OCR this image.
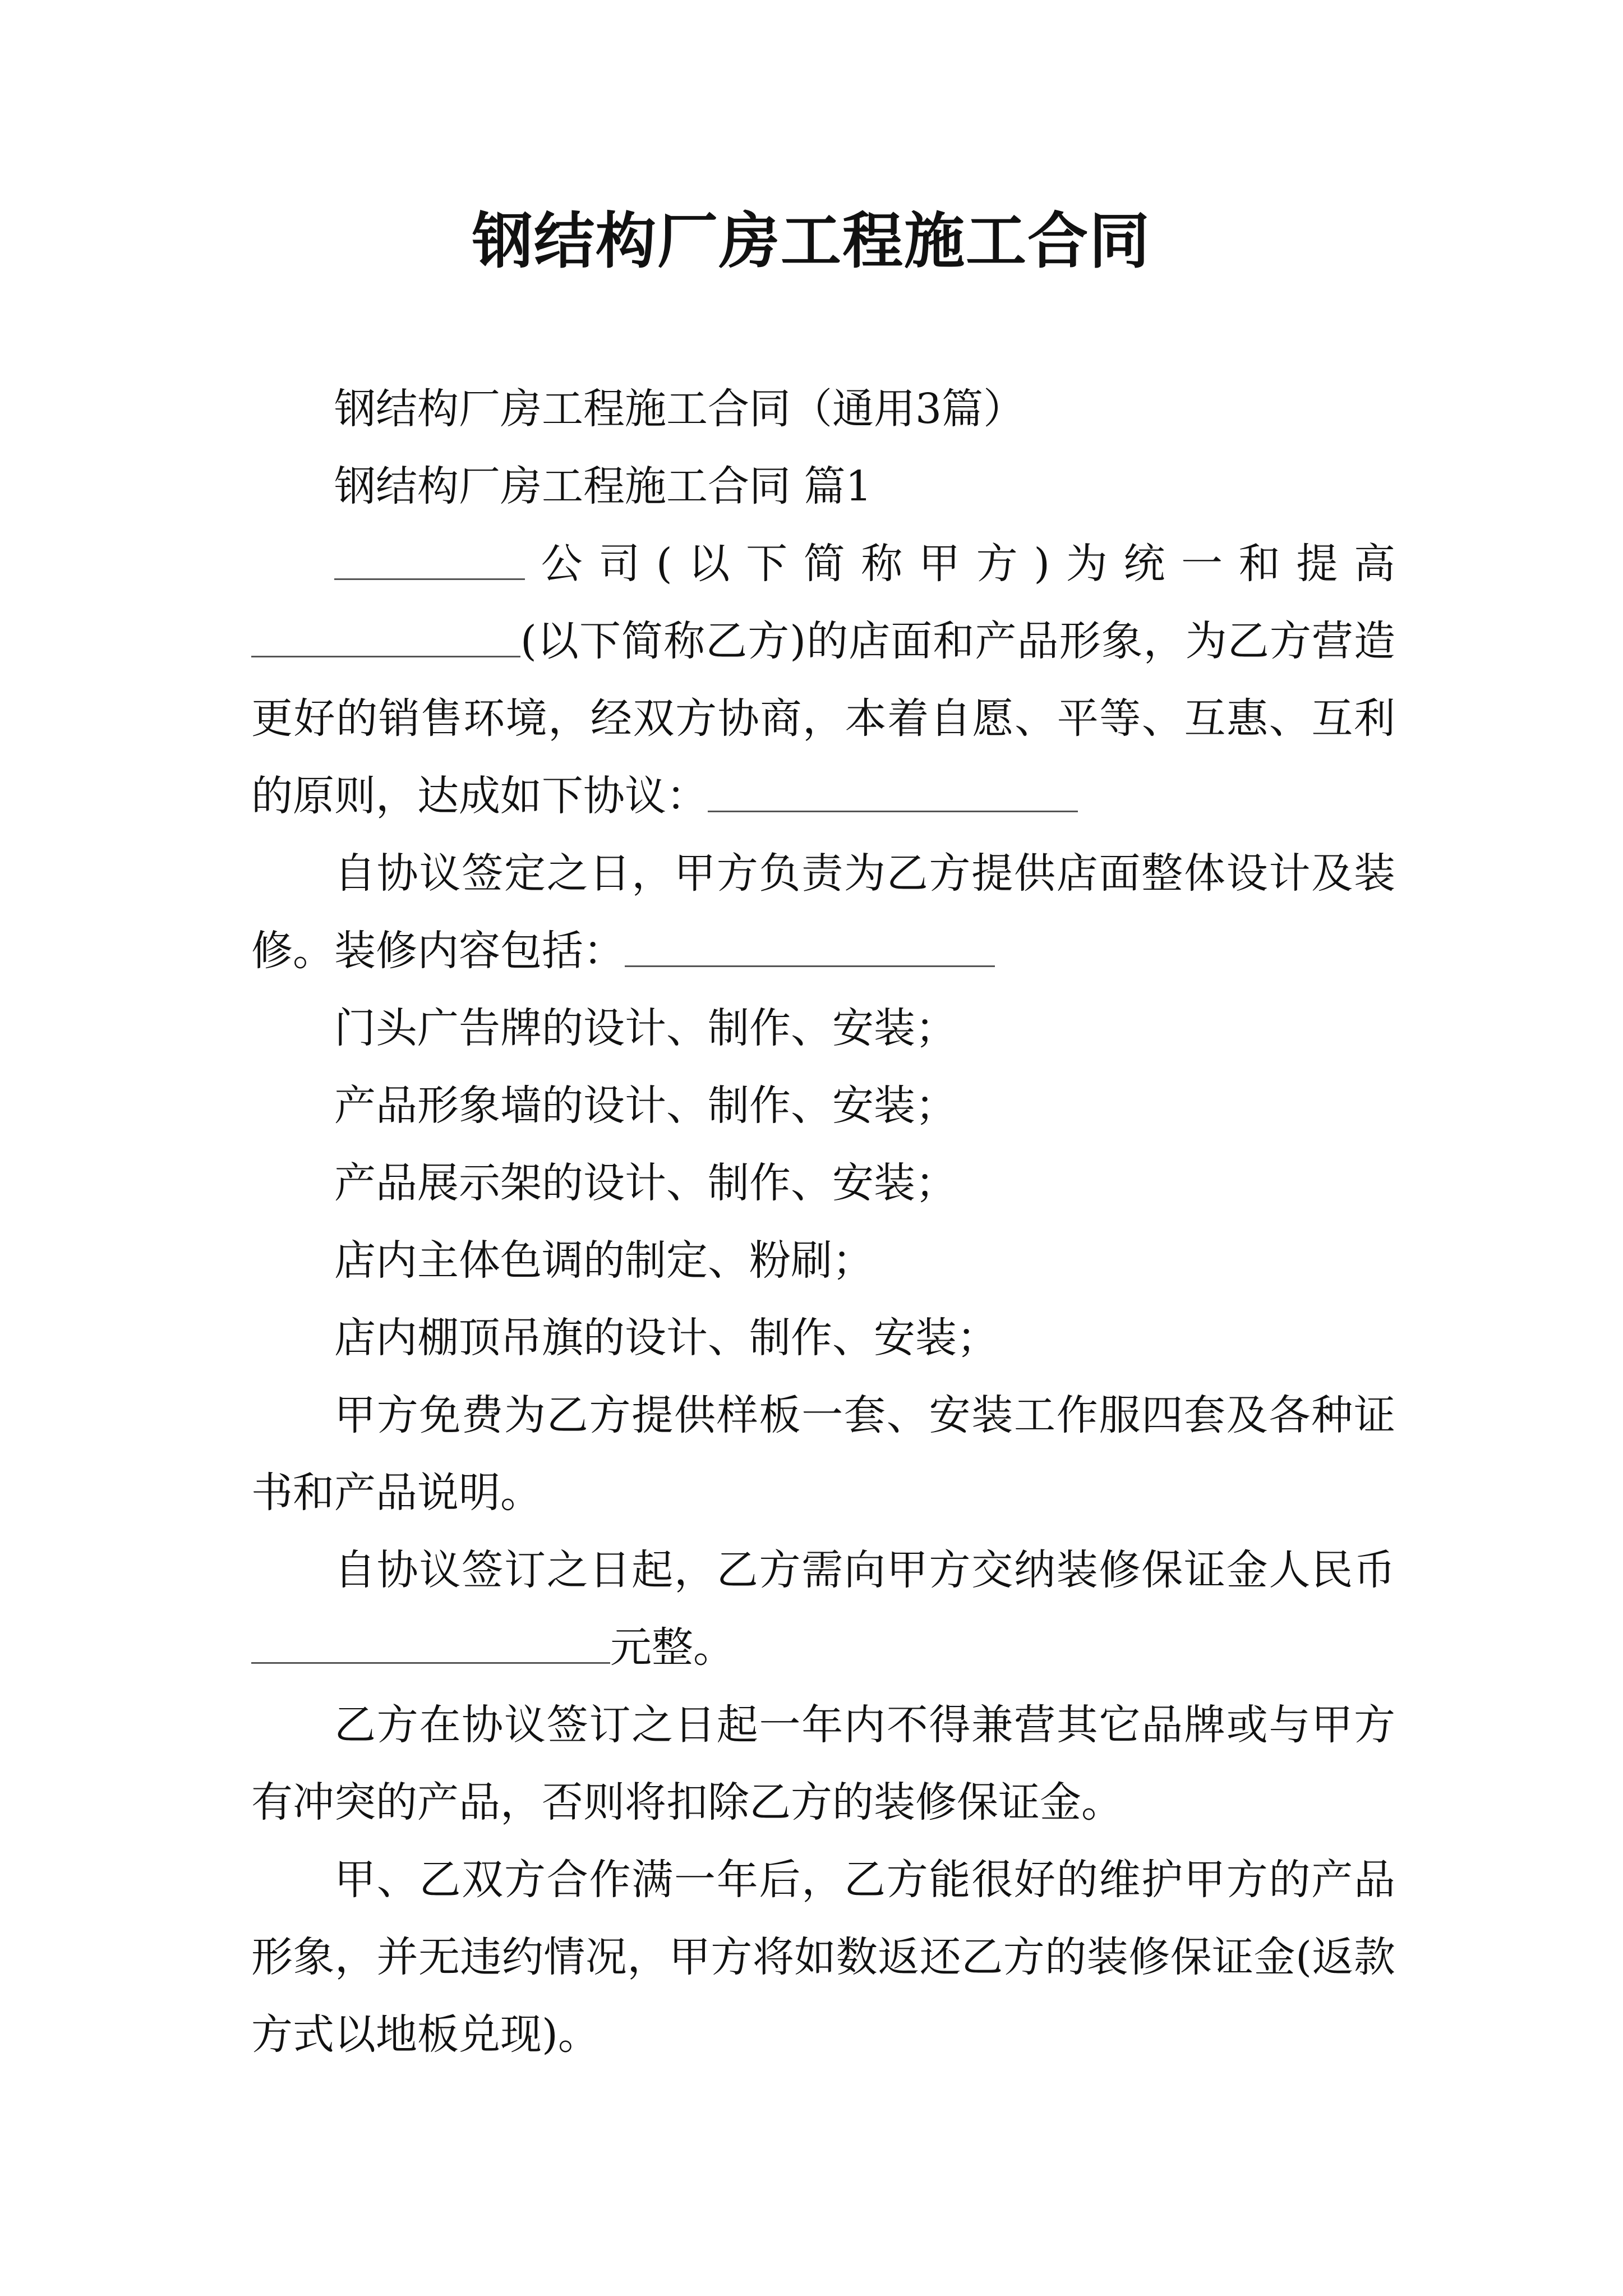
钢结构厂房工程施工合同

钢结构厂房工程施工合同（通用3篇）

钢结构厂房工程施工合同 篇1

公司(以下简称甲方)为统一和提高(以下简称乙方)的店面和产品形象，为乙方营造更好的销售环境，经双方协商，本着自愿、平等、互惠、互利的原则，达成如下协议：

自协议签定之日，甲方负责为乙方提供店面整体设计及装修。装修内容包括：

门头广告牌的设计、制作、安装；

产品形象墙的设计、制作、安装；

产品展示架的设计、制作、安装；

店内主体色调的制定、粉刷；

店内棚顶吊旗的设计、制作、安装；

甲方免费为乙方提供样板一套、安装工作服四套及各种证书和产品说明。

自协议签订之日起，乙方需向甲方交纳装修保证金人民币元整。

乙方在协议签订之日起一年内不得兼营其它品牌或与甲方有冲突的产品，否则将扣除乙方的装修保证金。

甲、乙双方合作满一年后，乙方能很好的维护甲方的产品形象，并无违约情况，甲方将如数返还乙方的装修保证金(返款方式以地板兑现)。
